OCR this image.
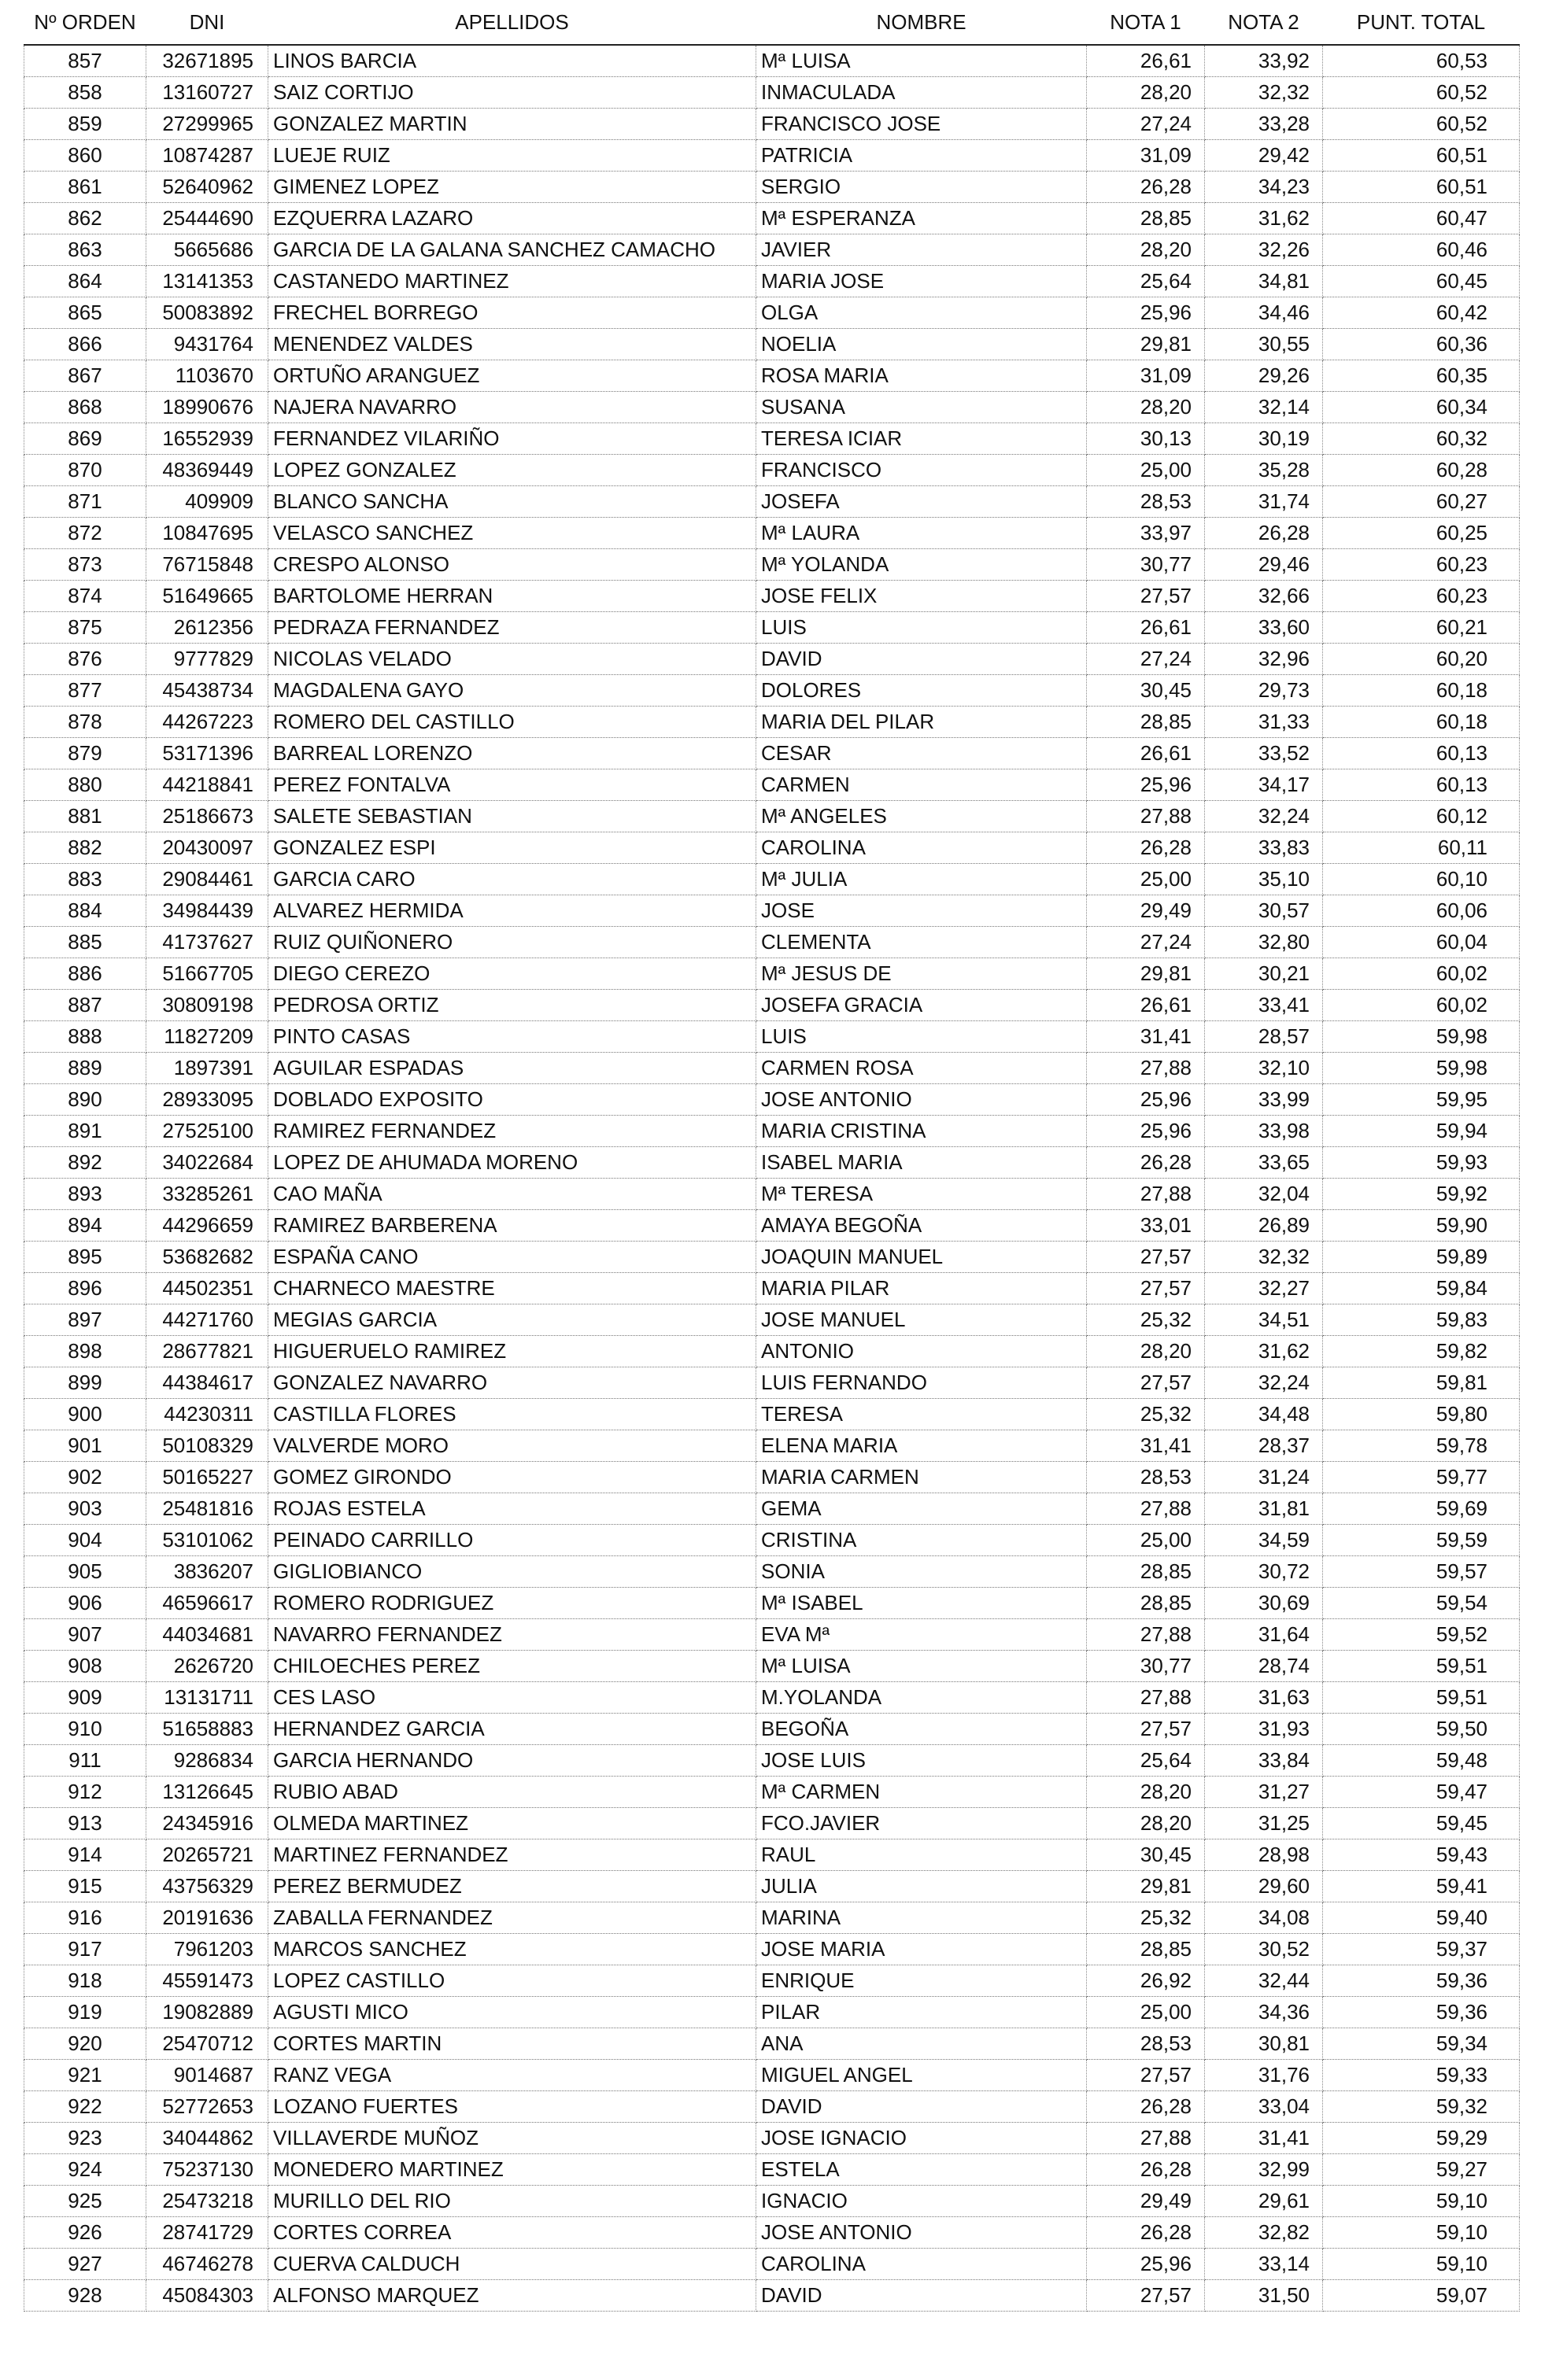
Nº ORDEN	DNI	APELLIDOS	NOMBRE	NOTA 1	NOTA 2	PUNT. TOTAL
857	32671895	LINOS BARCIA	Mª LUISA	26,61	33,92	60,53
858	13160727	SAIZ CORTIJO	INMACULADA	28,20	32,32	60,52
859	27299965	GONZALEZ MARTIN	FRANCISCO JOSE	27,24	33,28	60,52
860	10874287	LUEJE RUIZ	PATRICIA	31,09	29,42	60,51
861	52640962	GIMENEZ LOPEZ	SERGIO	26,28	34,23	60,51
862	25444690	EZQUERRA LAZARO	Mª ESPERANZA	28,85	31,62	60,47
863	5665686	GARCIA DE LA GALANA SANCHEZ CAMACHO	JAVIER	28,20	32,26	60,46
864	13141353	CASTANEDO MARTINEZ	MARIA JOSE	25,64	34,81	60,45
865	50083892	FRECHEL BORREGO	OLGA	25,96	34,46	60,42
866	9431764	MENENDEZ VALDES	NOELIA	29,81	30,55	60,36
867	1103670	ORTUÑO ARANGUEZ	ROSA MARIA	31,09	29,26	60,35
868	18990676	NAJERA NAVARRO	SUSANA	28,20	32,14	60,34
869	16552939	FERNANDEZ VILARIÑO	TERESA ICIAR	30,13	30,19	60,32
870	48369449	LOPEZ GONZALEZ	FRANCISCO	25,00	35,28	60,28
871	409909	BLANCO SANCHA	JOSEFA	28,53	31,74	60,27
872	10847695	VELASCO SANCHEZ	Mª LAURA	33,97	26,28	60,25
873	76715848	CRESPO ALONSO	Mª YOLANDA	30,77	29,46	60,23
874	51649665	BARTOLOME HERRAN	JOSE FELIX	27,57	32,66	60,23
875	2612356	PEDRAZA FERNANDEZ	LUIS	26,61	33,60	60,21
876	9777829	NICOLAS VELADO	DAVID	27,24	32,96	60,20
877	45438734	MAGDALENA GAYO	DOLORES	30,45	29,73	60,18
878	44267223	ROMERO DEL CASTILLO	MARIA DEL PILAR	28,85	31,33	60,18
879	53171396	BARREAL LORENZO	CESAR	26,61	33,52	60,13
880	44218841	PEREZ FONTALVA	CARMEN	25,96	34,17	60,13
881	25186673	SALETE SEBASTIAN	Mª ANGELES	27,88	32,24	60,12
882	20430097	GONZALEZ ESPI	CAROLINA	26,28	33,83	60,11
883	29084461	GARCIA CARO	Mª JULIA	25,00	35,10	60,10
884	34984439	ALVAREZ HERMIDA	JOSE	29,49	30,57	60,06
885	41737627	RUIZ QUIÑONERO	CLEMENTA	27,24	32,80	60,04
886	51667705	DIEGO CEREZO	Mª JESUS DE	29,81	30,21	60,02
887	30809198	PEDROSA ORTIZ	JOSEFA GRACIA	26,61	33,41	60,02
888	11827209	PINTO CASAS	LUIS	31,41	28,57	59,98
889	1897391	AGUILAR ESPADAS	CARMEN ROSA	27,88	32,10	59,98
890	28933095	DOBLADO EXPOSITO	JOSE ANTONIO	25,96	33,99	59,95
891	27525100	RAMIREZ FERNANDEZ	MARIA CRISTINA	25,96	33,98	59,94
892	34022684	LOPEZ DE AHUMADA MORENO	ISABEL MARIA	26,28	33,65	59,93
893	33285261	CAO MAÑA	Mª TERESA	27,88	32,04	59,92
894	44296659	RAMIREZ BARBERENA	AMAYA BEGOÑA	33,01	26,89	59,90
895	53682682	ESPAÑA CANO	JOAQUIN MANUEL	27,57	32,32	59,89
896	44502351	CHARNECO MAESTRE	MARIA PILAR	27,57	32,27	59,84
897	44271760	MEGIAS GARCIA	JOSE MANUEL	25,32	34,51	59,83
898	28677821	HIGUERUELO RAMIREZ	ANTONIO	28,20	31,62	59,82
899	44384617	GONZALEZ NAVARRO	LUIS FERNANDO	27,57	32,24	59,81
900	44230311	CASTILLA FLORES	TERESA	25,32	34,48	59,80
901	50108329	VALVERDE MORO	ELENA MARIA	31,41	28,37	59,78
902	50165227	GOMEZ GIRONDO	MARIA CARMEN	28,53	31,24	59,77
903	25481816	ROJAS ESTELA	GEMA	27,88	31,81	59,69
904	53101062	PEINADO CARRILLO	CRISTINA	25,00	34,59	59,59
905	3836207	GIGLIOBIANCO	SONIA	28,85	30,72	59,57
906	46596617	ROMERO RODRIGUEZ	Mª ISABEL	28,85	30,69	59,54
907	44034681	NAVARRO FERNANDEZ	EVA Mª	27,88	31,64	59,52
908	2626720	CHILOECHES PEREZ	Mª LUISA	30,77	28,74	59,51
909	13131711	CES LASO	M.YOLANDA	27,88	31,63	59,51
910	51658883	HERNANDEZ GARCIA	BEGOÑA	27,57	31,93	59,50
911	9286834	GARCIA HERNANDO	JOSE LUIS	25,64	33,84	59,48
912	13126645	RUBIO ABAD	Mª CARMEN	28,20	31,27	59,47
913	24345916	OLMEDA MARTINEZ	FCO.JAVIER	28,20	31,25	59,45
914	20265721	MARTINEZ FERNANDEZ	RAUL	30,45	28,98	59,43
915	43756329	PEREZ BERMUDEZ	JULIA	29,81	29,60	59,41
916	20191636	ZABALLA FERNANDEZ	MARINA	25,32	34,08	59,40
917	7961203	MARCOS SANCHEZ	JOSE MARIA	28,85	30,52	59,37
918	45591473	LOPEZ CASTILLO	ENRIQUE	26,92	32,44	59,36
919	19082889	AGUSTI MICO	PILAR	25,00	34,36	59,36
920	25470712	CORTES MARTIN	ANA	28,53	30,81	59,34
921	9014687	RANZ VEGA	MIGUEL ANGEL	27,57	31,76	59,33
922	52772653	LOZANO FUERTES	DAVID	26,28	33,04	59,32
923	34044862	VILLAVERDE MUÑOZ	JOSE IGNACIO	27,88	31,41	59,29
924	75237130	MONEDERO MARTINEZ	ESTELA	26,28	32,99	59,27
925	25473218	MURILLO DEL RIO	IGNACIO	29,49	29,61	59,10
926	28741729	CORTES CORREA	JOSE ANTONIO	26,28	32,82	59,10
927	46746278	CUERVA CALDUCH	CAROLINA	25,96	33,14	59,10
928	45084303	ALFONSO MARQUEZ	DAVID	27,57	31,50	59,07
